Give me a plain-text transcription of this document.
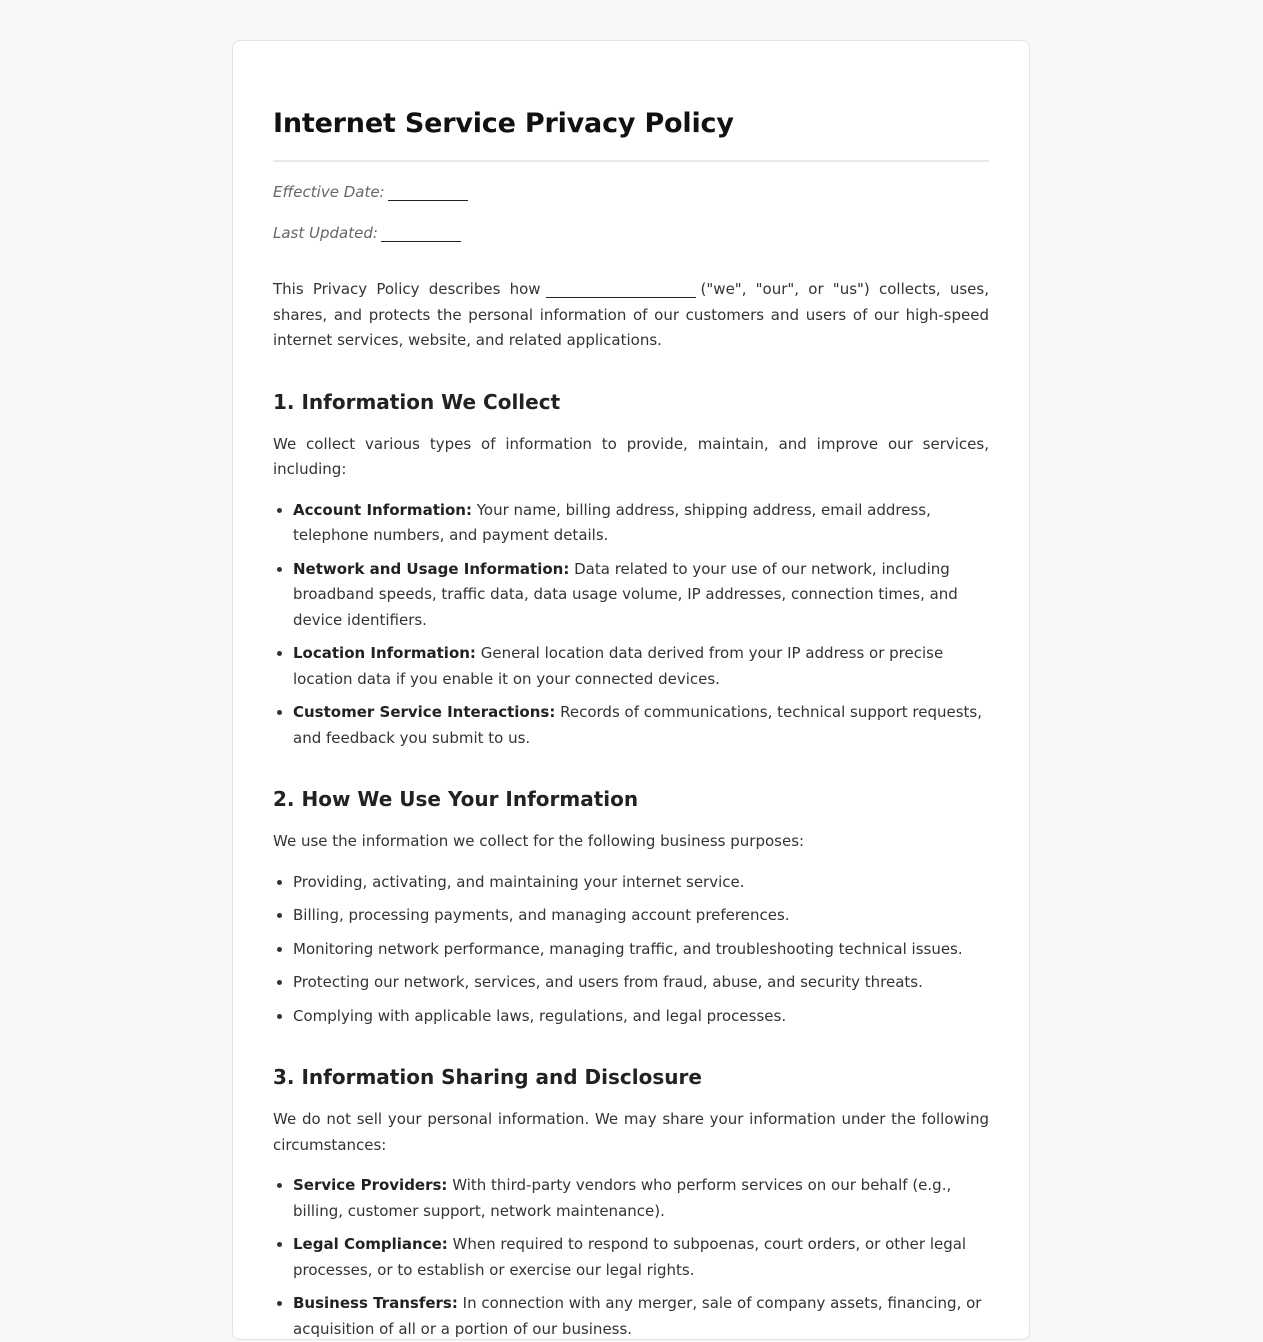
Internet Service Privacy Policy
Effective Date:
Last Updated:

This Privacy Policy describes how	("we", "our", or "us") collects, uses, shares, and protects the personal information of our customers and users of our high-speed internet services, website, and related applications.

1. Information We Collect

We collect various types of information to provide, maintain, and improve our services, including:

• Account Information: Your name, billing address, shipping address, email address, telephone numbers, and payment details.
• Network and Usage Information: Data related to your use of our network, including broadband speeds, traffic data, data usage volume, IP addresses, connection times, and device identifiers.
• Location Information: General location data derived from your IP address or precise location data if you enable it on your connected devices.
• Customer Service Interactions: Records of communications, technical support requests, and feedback you submit to us.
2. How We Use Your Information

We use the information we collect for the following business purposes:

• Providing, activating, and maintaining your internet service.
• Billing, processing payments, and managing account preferences.
• Monitoring network performance, managing traffic, and troubleshooting technical issues.
• Protecting our network, services, and users from fraud, abuse, and security threats.
• Complying with applicable laws, regulations, and legal processes.
3. Information Sharing and Disclosure

We do not sell your personal information. We may share your information under the following circumstances:

• Service Providers: With third-party vendors who perform services on our behalf (e.g., billing, customer support, network maintenance).
• Legal Compliance: When required to respond to subpoenas, court orders, or other legal processes, or to establish or exercise our legal rights.
• Business Transfers: In connection with any merger, sale of company assets, financing, or acquisition of all or a portion of our business.
